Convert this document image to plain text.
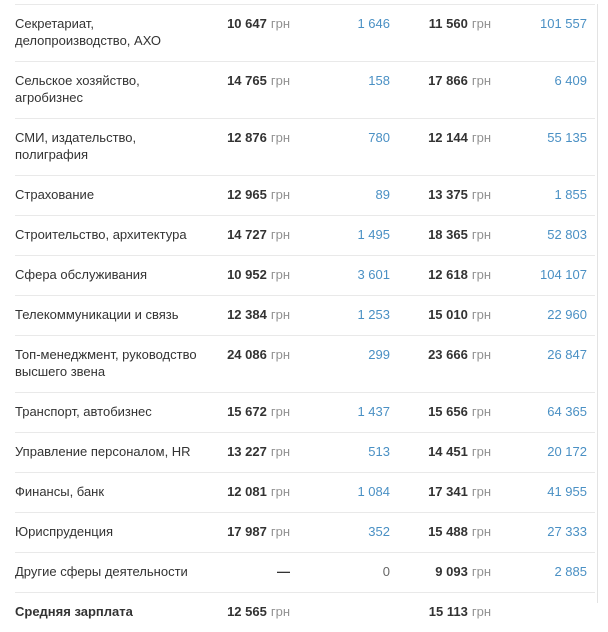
Секретариат, делопроизводство, АХО	10 647 грн	1 646	11 560 грн	101 557
Сельское хозяйство, агробизнес	14 765 грн	158	17 866 грн	6 409
СМИ, издательство, полиграфия	12 876 грн	780	12 144 грн	55 135
Страхование	12 965 грн	89	13 375 грн	1 855
Строительство, архитектура	14 727 грн	1 495	18 365 грн	52 803
Сфера обслуживания	10 952 грн	3 601	12 618 грн	104 107
Телекоммуникации и связь	12 384 грн	1 253	15 010 грн	22 960
Топ-менеджмент, руководство высшего звена	24 086 грн	299	23 666 грн	26 847
Транспорт, автобизнес	15 672 грн	1 437	15 656 грн	64 365
Управление персоналом, HR	13 227 грн	513	14 451 грн	20 172
Финансы, банк	12 081 грн	1 084	17 341 грн	41 955
Юриспруденция	17 987 грн	352	15 488 грн	27 333
Другие сферы деятельности	—	0	9 093 грн	2 885
Средняя зарплата	12 565 грн		15 113 грн	
